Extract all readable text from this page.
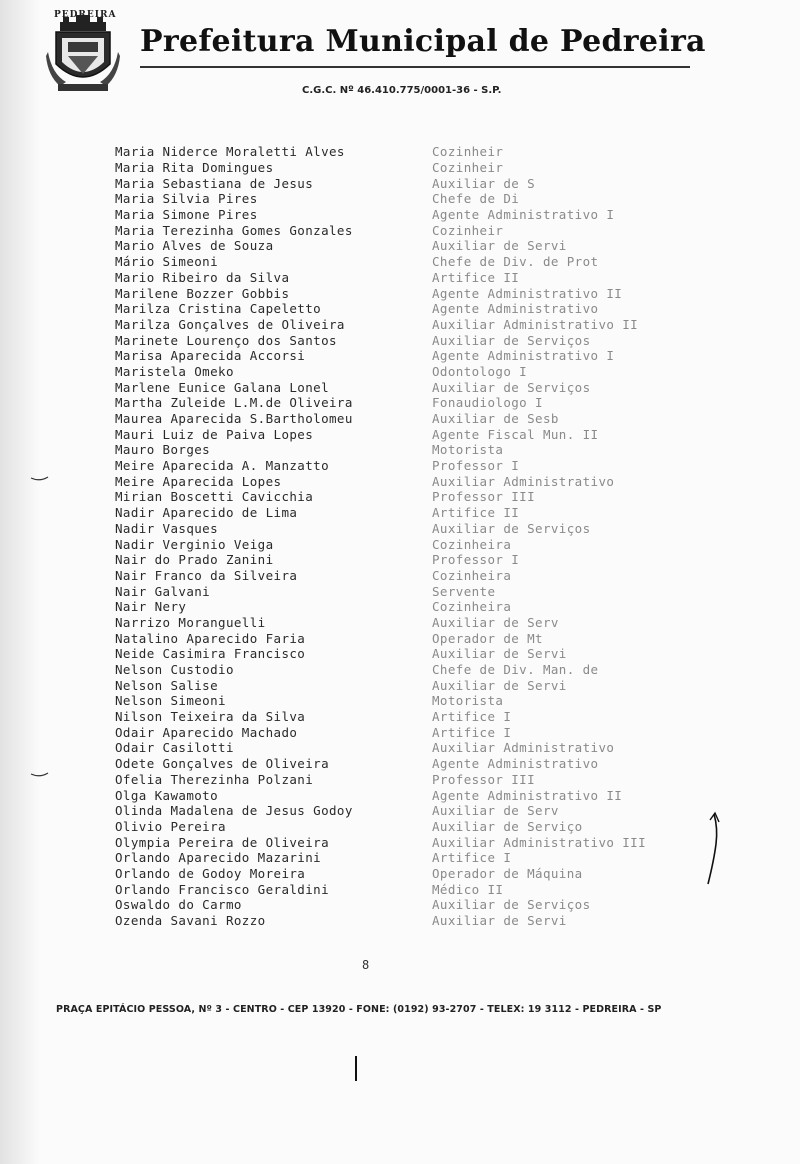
PEDREIRA
Prefeitura Municipal de Pedreira
C.G.C. Nº 46.410.775/0001-36 - S.P.
Maria Niderce Moraletti Alves	Cozinheir
Maria Rita Domingues	Cozinheir
Maria Sebastiana de Jesus	Auxiliar de S
Maria Silvia Pires	Chefe de Di
Maria Simone Pires	Agente Administrativo I
Maria Terezinha Gomes Gonzales	Cozinheir
Mario Alves de Souza	Auxiliar de Servi
Mário Simeoni	Chefe de Div. de Prot
Mario Ribeiro da Silva	Artifice II
Marilene Bozzer Gobbis	Agente Administrativo II
Marilza Cristina Capeletto	Agente Administrativo
Marilza Gonçalves de Oliveira	Auxiliar Administrativo II
Marinete Lourenço dos Santos	Auxiliar de Serviços
Marisa Aparecida Accorsi	Agente Administrativo I
Maristela Omeko	Odontologo I
Marlene Eunice Galana Lonel	Auxiliar de Serviços
Martha Zuleide L.M.de Oliveira	Fonaudiologo I
Maurea Aparecida S.Bartholomeu	Auxiliar de Sesb
Mauri Luiz de Paiva Lopes	Agente Fiscal Mun. II
Mauro Borges	Motorista
Meire Aparecida A. Manzatto	Professor I
Meire Aparecida Lopes	Auxiliar Administrativo
Mirian Boscetti Cavicchia	Professor III
Nadir Aparecido de Lima	Artifice II
Nadir Vasques	Auxiliar de Serviços
Nadir Verginio Veiga	Cozinheira
Nair do Prado Zanini	Professor I
Nair Franco da Silveira	Cozinheira
Nair Galvani	Servente
Nair Nery	Cozinheira
Narrizo Moranguelli	Auxiliar de Serv
Natalino Aparecido Faria	Operador de Mt
Neide Casimira Francisco	Auxiliar de Servi
Nelson Custodio	Chefe de Div. Man. de
Nelson Salise	Auxiliar de Servi
Nelson Simeoni	Motorista
Nilson Teixeira da Silva	Artifice I
Odair Aparecido Machado	Artifice I
Odair Casilotti	Auxiliar Administrativo
Odete Gonçalves de Oliveira	Agente Administrativo
Ofelia Therezinha Polzani	Professor III
Olga Kawamoto	Agente Administrativo II
Olinda Madalena de Jesus Godoy	Auxiliar de Serv
Olivio Pereira	Auxiliar de Serviço
Olympia Pereira de Oliveira	Auxiliar Administrativo III
Orlando Aparecido Mazarini	Artifice I
Orlando de Godoy Moreira	Operador de Máquina
Orlando Francisco Geraldini	Médico II
Oswaldo do Carmo	Auxiliar de Serviços
Ozenda Savani Rozzo	Auxiliar de Servi
8
PRAÇA EPITÁCIO PESSOA, Nº 3 - CENTRO - CEP 13920 - FONE: (0192) 93-2707 - TELEX: 19 3112 - PEDREIRA - SP
